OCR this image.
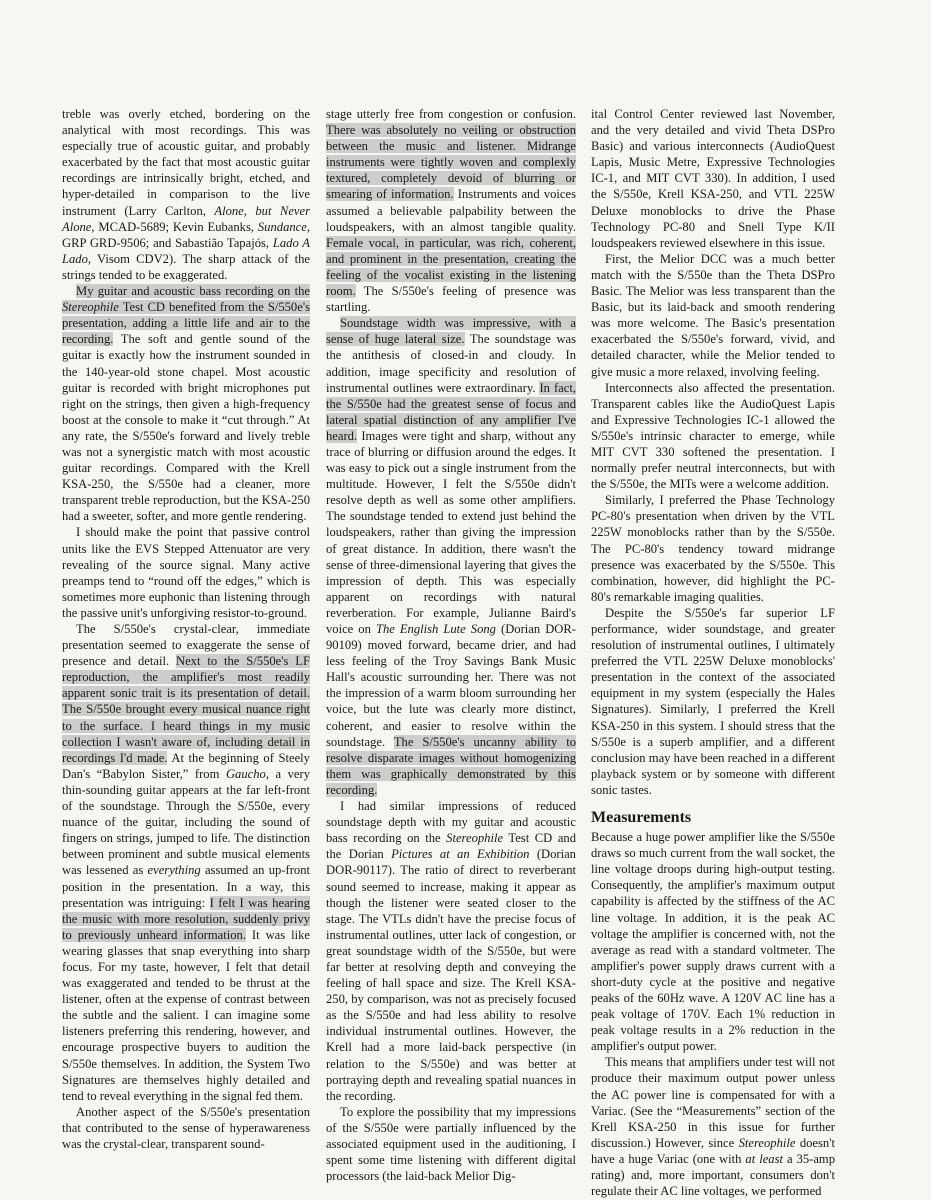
treble was overly etched, bordering on the analytical with most recordings. This was especially true of acoustic guitar, and probably exacerbated by the fact that most acoustic guitar recordings are intrinsically bright, etched, and hyper-detailed in comparison to the live instrument (Larry Carlton, Alone, but Never Alone, MCAD-5689; Kevin Eubanks, Sundance, GRP GRD-9506; and Sabastião Tapajós, Lado A Lado, Visom CDV2). The sharp attack of the strings tended to be exaggerated.

My guitar and acoustic bass recording on the Stereophile Test CD benefited from the S/550e's presentation, adding a little life and air to the recording. The soft and gentle sound of the guitar is exactly how the instrument sounded in the 140-year-old stone chapel. Most acoustic guitar is recorded with bright microphones put right on the strings, then given a high-frequency boost at the console to make it “cut through.” At any rate, the S/550e's forward and lively treble was not a synergistic match with most acoustic guitar recordings. Compared with the Krell KSA-250, the S/550e had a cleaner, more transparent treble reproduction, but the KSA-250 had a sweeter, softer, and more gentle rendering.

I should make the point that passive control units like the EVS Stepped Attenuator are very revealing of the source signal. Many active preamps tend to “round off the edges,” which is sometimes more euphonic than listening through the passive unit's unforgiving resistor-to-ground.

The S/550e's crystal-clear, immediate presentation seemed to exaggerate the sense of presence and detail. Next to the S/550e's LF reproduction, the amplifier's most readily apparent sonic trait is its presentation of detail. The S/550e brought every musical nuance right to the surface. I heard things in my music collection I wasn't aware of, including detail in recordings I'd made. At the beginning of Steely Dan's “Babylon Sister,” from Gaucho, a very thin-sounding guitar appears at the far left-front of the soundstage. Through the S/550e, every nuance of the guitar, including the sound of fingers on strings, jumped to life. The distinction between prominent and subtle musical elements was lessened as everything assumed an up-front position in the presentation. In a way, this presentation was intriguing: I felt I was hearing the music with more resolution, suddenly privy to previously unheard information. It was like wearing glasses that snap everything into sharp focus. For my taste, however, I felt that detail was exaggerated and tended to be thrust at the listener, often at the expense of contrast between the subtle and the salient. I can imagine some listeners preferring this rendering, however, and encourage prospective buyers to audition the S/550e themselves. In addition, the System Two Signatures are themselves highly detailed and tend to reveal everything in the signal fed them.

Another aspect of the S/550e's presentation that contributed to the sense of hyperawareness was the crystal-clear, transparent sound-

stage utterly free from congestion or confusion. There was absolutely no veiling or obstruction between the music and listener. Midrange instruments were tightly woven and complexly textured, completely devoid of blurring or smearing of information. Instruments and voices assumed a believable palpability between the loudspeakers, with an almost tangible quality. Female vocal, in particular, was rich, coherent, and prominent in the presentation, creating the feeling of the vocalist existing in the listening room. The S/550e's feeling of presence was startling.

Soundstage width was impressive, with a sense of huge lateral size. The soundstage was the antithesis of closed-in and cloudy. In addition, image specificity and resolution of instrumental outlines were extraordinary. In fact, the S/550e had the greatest sense of focus and lateral spatial distinction of any amplifier I've heard. Images were tight and sharp, without any trace of blurring or diffusion around the edges. It was easy to pick out a single instrument from the multitude. However, I felt the S/550e didn't resolve depth as well as some other amplifiers. The soundstage tended to extend just behind the loudspeakers, rather than giving the impression of great distance. In addition, there wasn't the sense of three-dimensional layering that gives the impression of depth. This was especially apparent on recordings with natural reverberation. For example, Julianne Baird's voice on The English Lute Song (Dorian DOR-90109) moved forward, became drier, and had less feeling of the Troy Savings Bank Music Hall's acoustic surrounding her. There was not the impression of a warm bloom surrounding her voice, but the lute was clearly more distinct, coherent, and easier to resolve within the soundstage. The S/550e's uncanny ability to resolve disparate images without homogenizing them was graphically demonstrated by this recording.

I had similar impressions of reduced soundstage depth with my guitar and acoustic bass recording on the Stereophile Test CD and the Dorian Pictures at an Exhibition (Dorian DOR-90117). The ratio of direct to reverberant sound seemed to increase, making it appear as though the listener were seated closer to the stage. The VTLs didn't have the precise focus of instrumental outlines, utter lack of congestion, or great soundstage width of the S/550e, but were far better at resolving depth and conveying the feeling of hall space and size. The Krell KSA-250, by comparison, was not as precisely focused as the S/550e and had less ability to resolve individual instrumental outlines. However, the Krell had a more laid-back perspective (in relation to the S/550e) and was better at portraying depth and revealing spatial nuances in the recording.

To explore the possibility that my impressions of the S/550e were partially influenced by the associated equipment used in the auditioning, I spent some time listening with different digital processors (the laid-back Melior Dig-

ital Control Center reviewed last November, and the very detailed and vivid Theta DSPro Basic) and various interconnects (AudioQuest Lapis, Music Metre, Expressive Technologies IC-1, and MIT CVT 330). In addition, I used the S/550e, Krell KSA-250, and VTL 225W Deluxe monoblocks to drive the Phase Technology PC-80 and Snell Type K/II loudspeakers reviewed elsewhere in this issue.

First, the Melior DCC was a much better match with the S/550e than the Theta DSPro Basic. The Melior was less transparent than the Basic, but its laid-back and smooth rendering was more welcome. The Basic's presentation exacerbated the S/550e's forward, vivid, and detailed character, while the Melior tended to give music a more relaxed, involving feeling.

Interconnects also affected the presentation. Transparent cables like the AudioQuest Lapis and Expressive Technologies IC-1 allowed the S/550e's intrinsic character to emerge, while MIT CVT 330 softened the presentation. I normally prefer neutral interconnects, but with the S/550e, the MITs were a welcome addition.

Similarly, I preferred the Phase Technology PC-80's presentation when driven by the VTL 225W monoblocks rather than by the S/550e. The PC-80's tendency toward midrange presence was exacerbated by the S/550e. This combination, however, did highlight the PC-80's remarkable imaging qualities.

Despite the S/550e's far superior LF performance, wider soundstage, and greater resolution of instrumental outlines, I ultimately preferred the VTL 225W Deluxe monoblocks' presentation in the context of the associated equipment in my system (especially the Hales Signatures). Similarly, I preferred the Krell KSA-250 in this system. I should stress that the S/550e is a superb amplifier, and a different conclusion may have been reached in a different playback system or by someone with different sonic tastes.

Measurements

Because a huge power amplifier like the S/550e draws so much current from the wall socket, the line voltage droops during high-output testing. Consequently, the amplifier's maximum output capability is affected by the stiffness of the AC line voltage. In addition, it is the peak AC voltage the amplifier is concerned with, not the average as read with a standard voltmeter. The amplifier's power supply draws current with a short-duty cycle at the positive and negative peaks of the 60Hz wave. A 120V AC line has a peak voltage of 170V. Each 1% reduction in peak voltage results in a 2% reduction in the amplifier's output power.

This means that amplifiers under test will not produce their maximum output power unless the AC power line is compensated for with a Variac. (See the “Measurements” section of the Krell KSA-250 in this issue for further discussion.) However, since Stereophile doesn't have a huge Variac (one with at least a 35-amp rating) and, more important, consumers don't regulate their AC line voltages, we performed
